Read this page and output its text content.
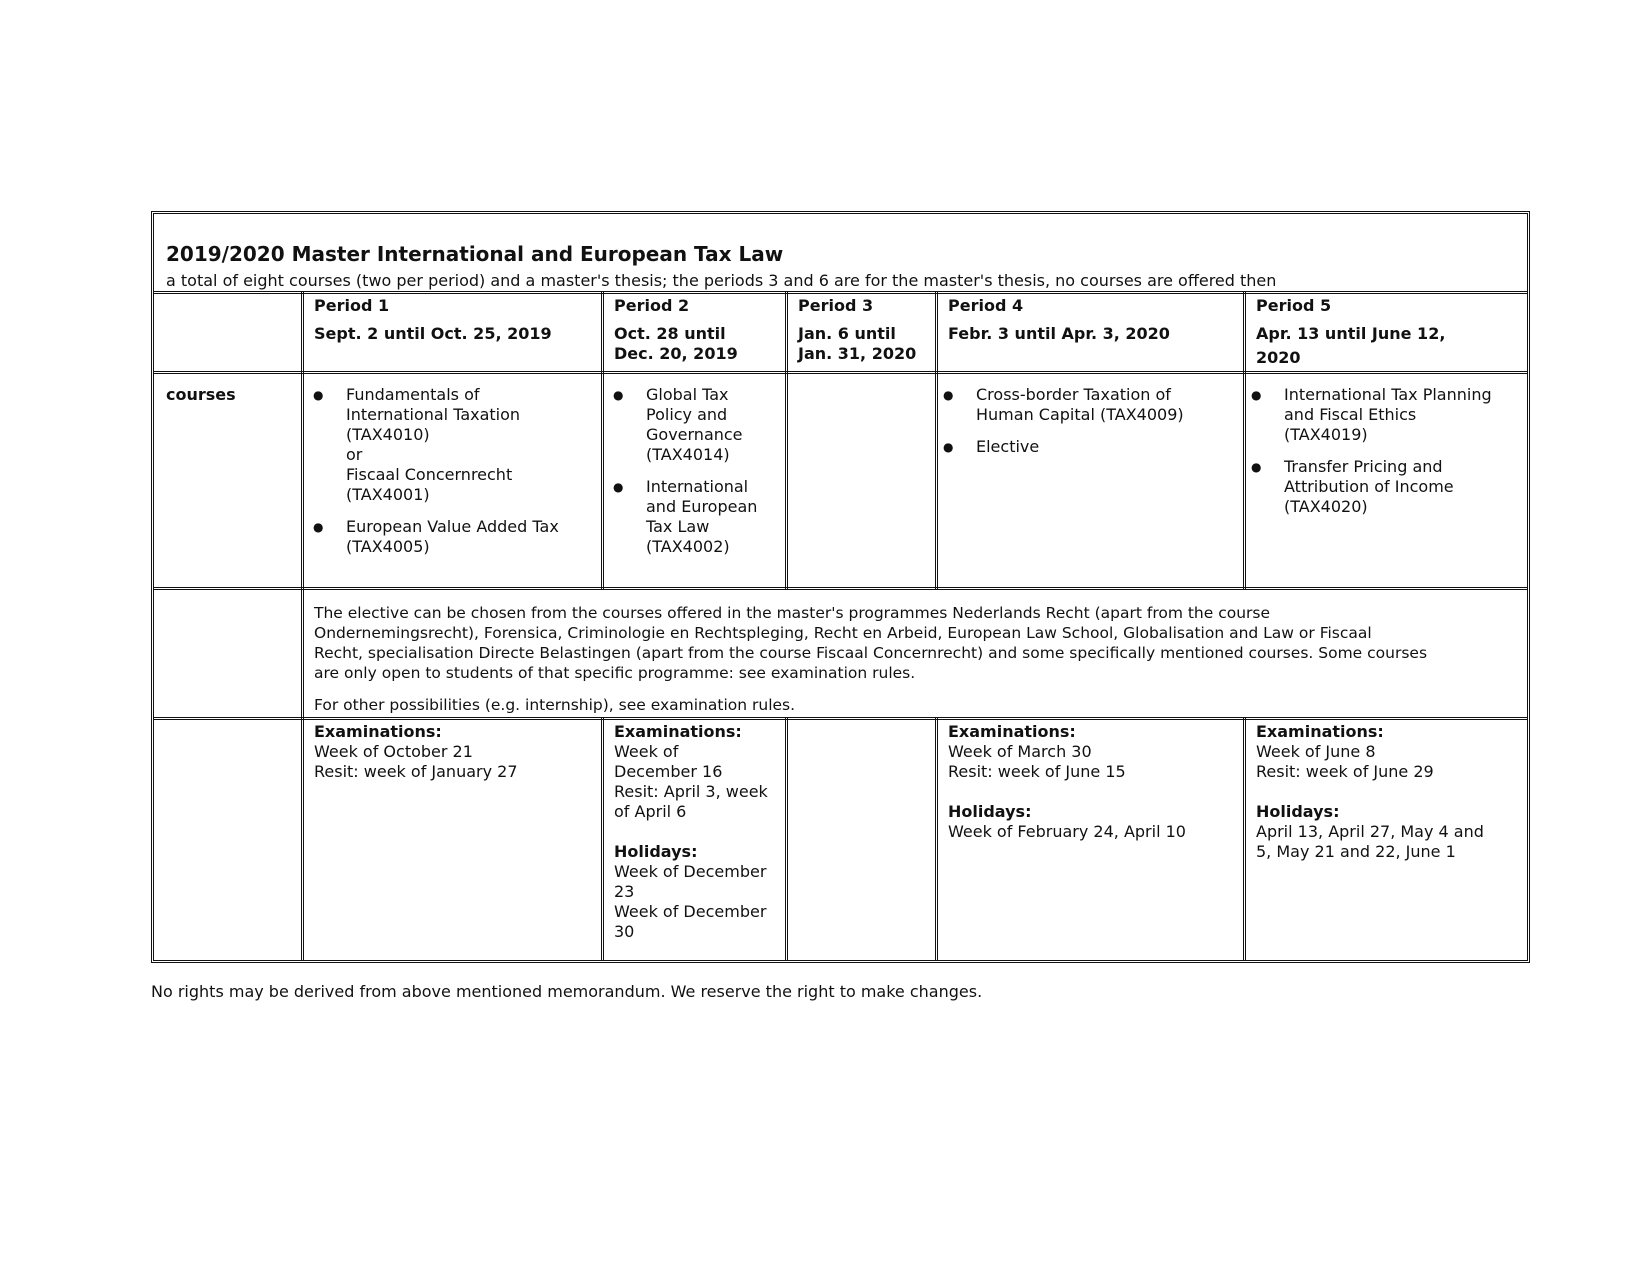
2019/2020 Master International and European Tax Law
a total of eight courses (two per period) and a master's thesis; the periods 3 and 6 are for the master's thesis, no courses are offered then
Period 1
Sept. 2 until Oct. 25, 2019
Period 2
Oct. 28 until
Dec. 20, 2019
Period 3
Jan. 6 until
Jan. 31, 2020
Period 4
Febr. 3 until Apr. 3, 2020
Period 5
Apr. 13 until June 12,
2020
courses	● Fundamentals of
International Taxation
(TAX4010)
or
Fiscaal Concernrecht
(TAX4001)
● European Value Added Tax
(TAX4005)
● Global Tax
Policy and
Governance
(TAX4014)
● International
and European
Tax Law
(TAX4002)
● Cross-border Taxation of
Human Capital (TAX4009)
● Elective
● International Tax Planning
and Fiscal Ethics
(TAX4019)
● Transfer Pricing and
Attribution of Income
(TAX4020)
The elective can be chosen from the courses offered in the master's programmes Nederlands Recht (apart from the course
Ondernemingsrecht), Forensica, Criminologie en Rechtspleging, Recht en Arbeid, European Law School, Globalisation and Law or Fiscaal
Recht, specialisation Directe Belastingen (apart from the course Fiscaal Concernrecht) and some specifically mentioned courses. Some courses
are only open to students of that specific programme: see examination rules.
For other possibilities (e.g. internship), see examination rules.
Examinations:
Week of October 21
Resit: week of January 27
Examinations:
Week of
December 16
Resit: April 3, week
of April 6
Holidays:
Week of December
23
Week of December
30
Examinations:
Week of March 30
Resit: week of June 15
Holidays:
Week of February 24, April 10
Examinations:
Week of June 8
Resit: week of June 29
Holidays:
April 13, April 27, May 4 and
5, May 21 and 22, June 1
No rights may be derived from above mentioned memorandum. We reserve the right to make changes.
